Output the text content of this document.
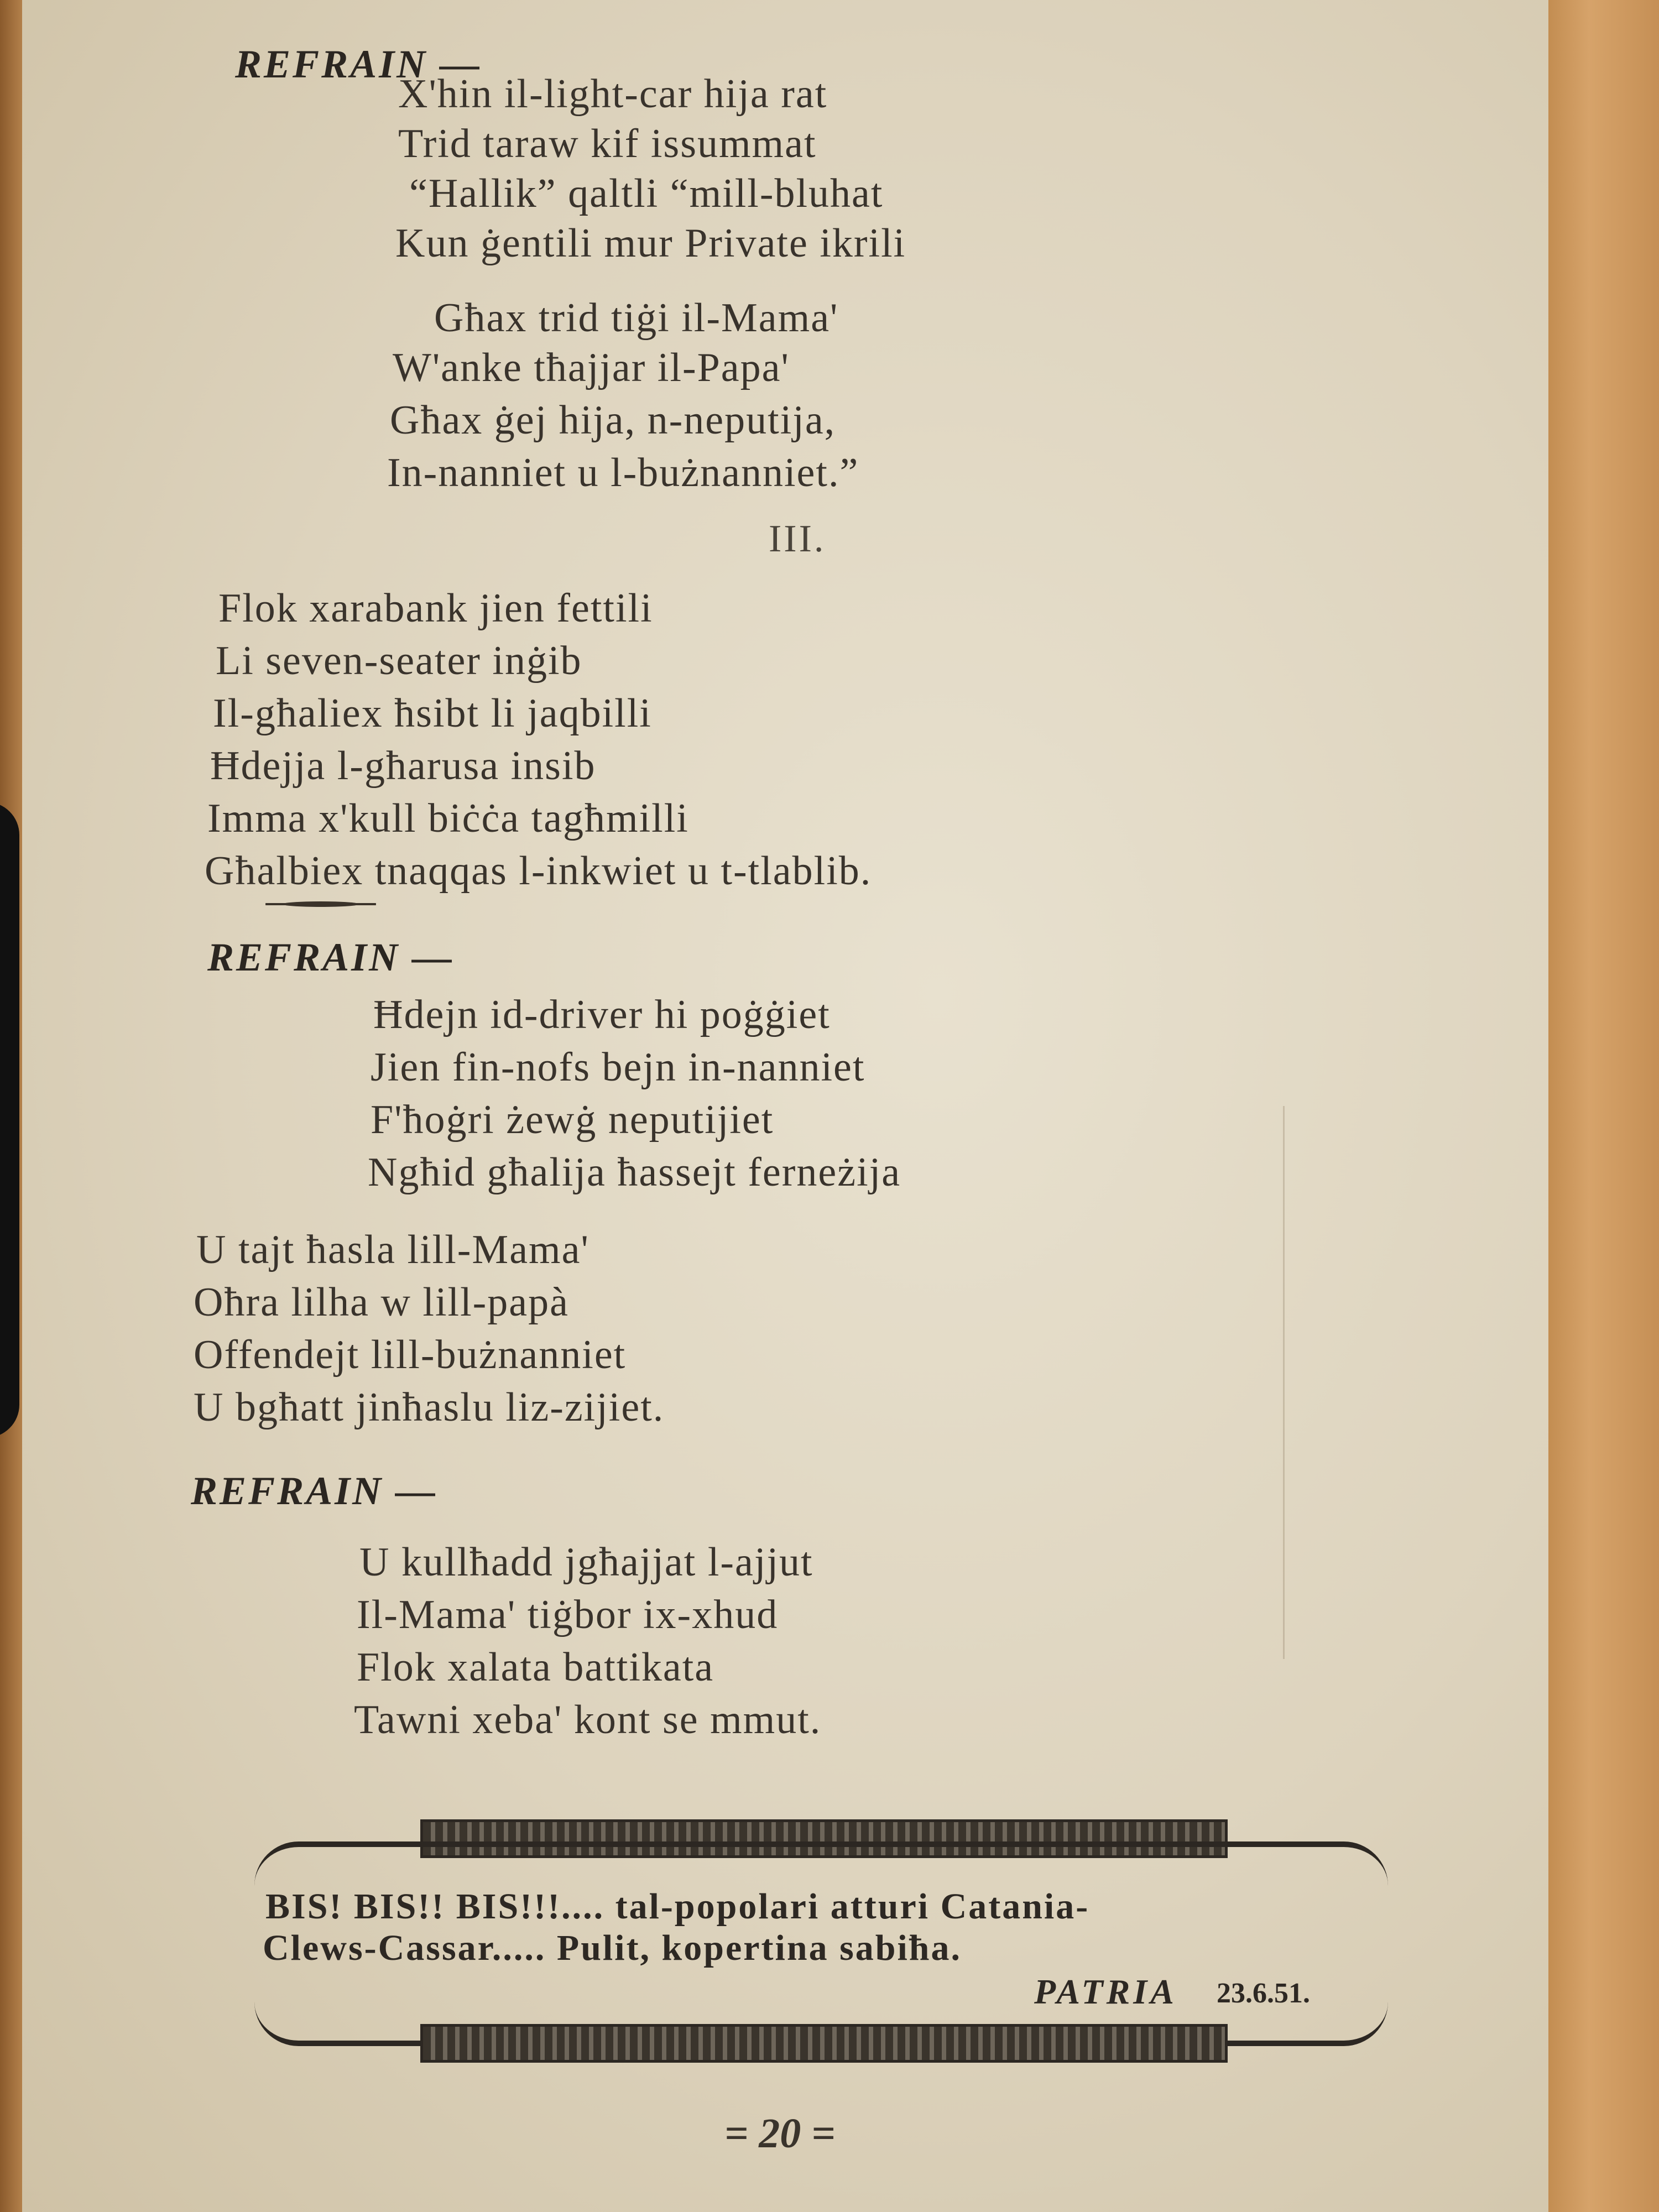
REFRAIN —
X'hin il-light-car hija rat
Trid taraw kif issummat
“Hallik” qaltli “mill-bluhat
Kun ġentili mur Private ikrili
Għax trid tiġi il-Mama'
W'anke tħajjar il-Papa'
Għax ġej hija, n-neputija,
In-nanniet u l-bużnanniet.”
III.
Flok xarabank jien fettili
Li seven-seater inġib
Il-għaliex ħsibt li jaqbilli
Ħdejja l-għarusa insib
Imma x'kull biċċa tagħmilli
Għalbiex tnaqqas l-inkwiet u t-tlablib.
REFRAIN —
Ħdejn id-driver hi poġġiet
Jien fin-nofs bejn in-nanniet
F'ħoġri żewġ neputijiet
Ngħid għalija ħassejt ferneżija
U tajt ħasla lill-Mama'
Oħra lilha w lill-papà
Offendejt lill-bużnanniet
U bgħatt jinħaslu liz-zijiet.
REFRAIN —
U kullħadd jgħajjat l-ajjut
Il-Mama' tiġbor ix-xhud
Flok xalata battikata
Tawni xeba' kont se mmut.
BIS! BIS!! BIS!!!.... tal-popolari atturi Catania-
Clews-Cassar..... Pulit, kopertina sabiħa.
PATRIA 23.6.51.
= 20 =
